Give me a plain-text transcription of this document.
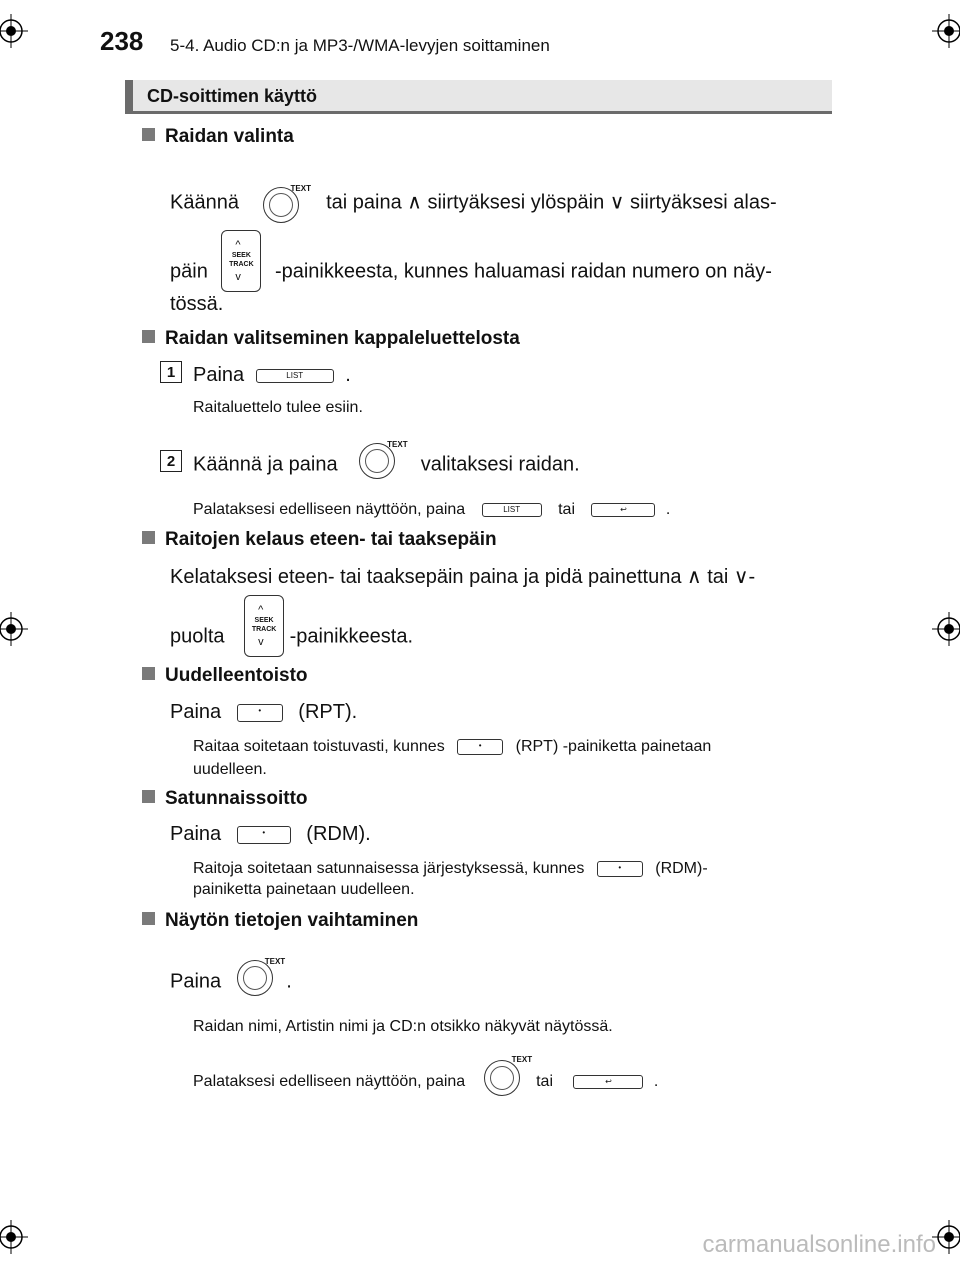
238 5-4. Audio CD:n ja MP3-/WMA-levyjen soittaminen
CD-soittimen käyttö
Raidan valinta
Käännä
TEXT
tai paina ∧ siirtyäksesi ylöspäin ∨ siirtyäksesi alas-
päin
^
SEEK
TRACK
v -painikkeesta, kunnes haluamasi raidan numero on näy-
tössä.
Raidan valitseminen kappaleluettelosta
1 Paina	LIST	.
Raitaluettelo tulee esiin.
2 Käännä ja paina
TEXT
valitaksesi raidan.
Palataksesi edelliseen näyttöön, paina	LIST	tai	↩	.
Raitojen kelaus eteen- tai taaksepäin
Kelataksesi eteen- tai taaksepäin paina ja pidä painettuna ∧ tai ∨-
puolta
^
SEEK
TRACK
v -painikkeesta.
Uudelleentoisto
Paina	•	(RPT).
Raitaa soitetaan toistuvasti, kunnes	•	(RPT) -painiketta painetaan
uudelleen.
Satunnaissoitto
Paina	•	(RDM).
Raitoja soitetaan satunnaisessa järjestyksessä, kunnes	•	(RDM)-
painiketta painetaan uudelleen.
Näytön tietojen vaihtaminen
Paina
TEXT
.
Raidan nimi, Artistin nimi ja CD:n otsikko näkyvät näytössä.
Palataksesi edelliseen näyttöön, paina
TEXT
tai	↩	.
carmanualsonline.info
